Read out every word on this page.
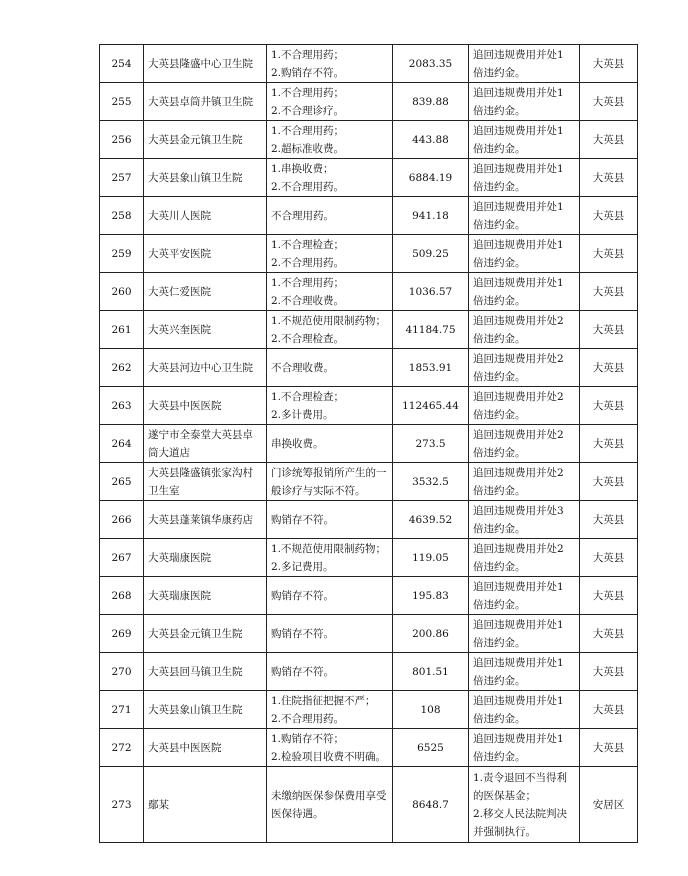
254	大英县隆盛中心卫生院	1.不合理用药；
2.购销存不符。	2083.35	追回违规费用并处1
倍违约金。	大英县
255	大英县卓筒井镇卫生院	1.不合理用药；
2.不合理诊疗。	839.88	追回违规费用并处1
倍违约金。	大英县
256	大英县金元镇卫生院	1.不合理用药；
2.超标准收费。	443.88	追回违规费用并处1
倍违约金。	大英县
257	大英县象山镇卫生院	1.串换收费；
2.不合理用药。	6884.19	追回违规费用并处1
倍违约金。	大英县
258	大英川人医院	不合理用药。	941.18	追回违规费用并处1
倍违约金。	大英县
259	大英平安医院	1.不合理检查；
2.不合理用药。	509.25	追回违规费用并处1
倍违约金。	大英县
260	大英仁爱医院	1.不合理用药；
2.不合理收费。	1036.57	追回违规费用并处1
倍违约金。	大英县
261	大英兴奎医院	1.不规范使用限制药物；
2.不合理检查。	41184.75	追回违规费用并处2
倍违约金。	大英县
262	大英县河边中心卫生院	不合理收费。	1853.91	追回违规费用并处2
倍违约金。	大英县
263	大英县中医医院	1.不合理检查；
2.多计费用。	112465.44	追回违规费用并处2
倍违约金。	大英县
264	遂宁市全泰堂大英县卓
筒大道店	串换收费。	273.5	追回违规费用并处2
倍违约金。	大英县
265	大英县隆盛镇张家沟村
卫生室	门诊统筹报销所产生的一
般诊疗与实际不符。	3532.5	追回违规费用并处2
倍违约金。	大英县
266	大英县蓬莱镇华康药店	购销存不符。	4639.52	追回违规费用并处3
倍违约金。	大英县
267	大英瑞康医院	1.不规范使用限制药物；
2.多记费用。	119.05	追回违规费用并处2
倍违约金。	大英县
268	大英瑞康医院	购销存不符。	195.83	追回违规费用并处1
倍违约金。	大英县
269	大英县金元镇卫生院	购销存不符。	200.86	追回违规费用并处1
倍违约金。	大英县
270	大英县回马镇卫生院	购销存不符。	801.51	追回违规费用并处1
倍违约金。	大英县
271	大英县象山镇卫生院	1.住院指征把握不严；
2.不合理用药。	108	追回违规费用并处1
倍违约金。	大英县
272	大英县中医医院	1.购销存不符；
2.检验项目收费不明确。	6525	追回违规费用并处1
倍违约金。	大英县
273	鄢某	未缴纳医保参保费用享受
医保待遇。	8648.7	1.责令退回不当得利
的医保基金；
2.移交人民法院判决
并强制执行。	安居区
